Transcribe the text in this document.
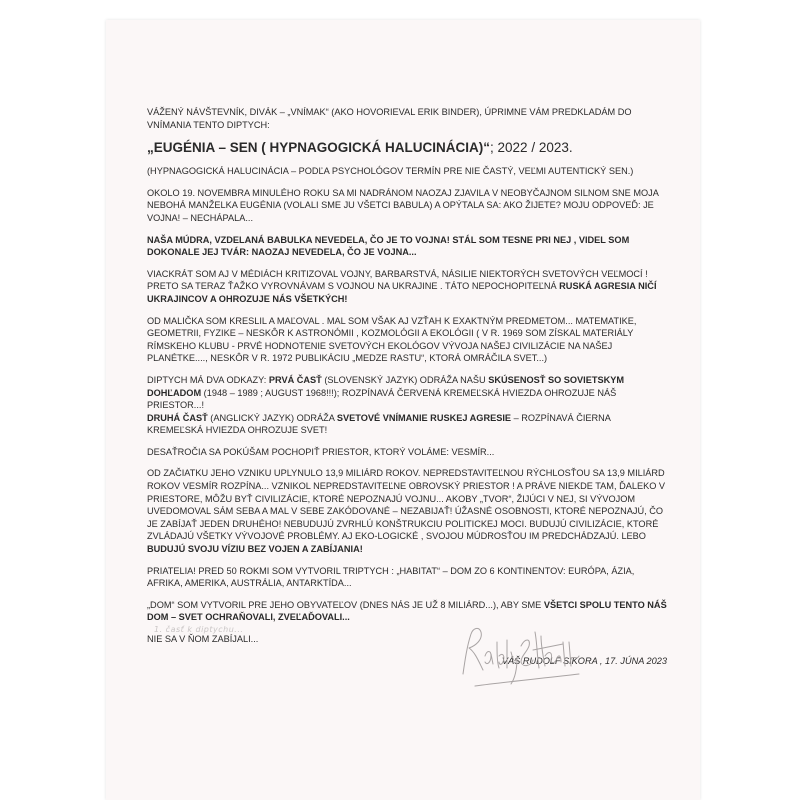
VÁŽENÝ NÁVŠTEVNÍK, DIVÁK – „VNÍMAK“ (AKO HOVORIEVAL ERIK BINDER), ÚPRIMNE VÁM PREDKLADÁM DO VNÍMANIA TENTO DIPTYCH:

„EUGÉNIA – SEN ( HYPNAGOGICKÁ HALUCINÁCIA)“; 2022 / 2023.

(HYPNAGOGICKÁ HALUCINÁCIA – PODĽA PSYCHOLÓGOV TERMÍN PRE NIE ČASTÝ, VEĽMI AUTENTICKÝ SEN.)

OKOLO 19. NOVEMBRA MINULÉHO ROKU SA MI NADRÁNOM NAOZAJ ZJAVILA V NEOBYČAJNOM SILNOM SNE MOJA NEBOHÁ MANŽELKA EUGÉNIA (VOLALI SME JU VŠETCI BABULA) A OPÝTALA SA: AKO ŽIJETE? MOJU ODPOVEĎ: JE VOJNA! – NECHÁPALA...

NAŠA MÚDRA, VZDELANÁ BABULKA NEVEDELA, ČO JE TO VOJNA! STÁL SOM TESNE PRI NEJ , VIDEL SOM DOKONALE JEJ TVÁR: NAOZAJ NEVEDELA, ČO JE VOJNA...

VIACKRÁT SOM AJ V MÉDIÁCH KRITIZOVAL VOJNY, BARBARSTVÁ, NÁSILIE NIEKTORÝCH SVETOVÝCH VEĽMOCÍ ! PRETO SA TERAZ ŤAŽKO VYROVNÁVAM S VOJNOU NA UKRAJINE . TÁTO NEPOCHOPITEĽNÁ RUSKÁ AGRESIA NIČÍ UKRAJINCOV A OHROZUJE NÁS VŠETKÝCH!

OD MALIČKA SOM KRESLIL A MAĽOVAL . MAL SOM VŠAK AJ VZŤAH K EXAKTNÝM PREDMETOM... MATEMATIKE, GEOMETRII, FYZIKE – NESKÔR K ASTRONÓMII , KOZMOLÓGII A EKOLÓGII ( V R. 1969 SOM ZÍSKAL MATERIÁLY RÍMSKEHO KLUBU - PRVÉ HODNOTENIE SVETOVÝCH EKOLÓGOV VÝVOJA NAŠEJ CIVILIZÁCIE NA NAŠEJ PLANÉTKE...., NESKÔR V R. 1972 PUBLIKÁCIU „MEDZE RASTU“, KTORÁ OMRÁČILA SVET...)

DIPTYCH MÁ DVA ODKAZY: PRVÁ ČASŤ (SLOVENSKÝ JAZYK) ODRÁŽA NAŠU SKÚSENOSŤ SO SOVIETSKYM DOHĽADOM (1948 – 1989 ; AUGUST 1968!!!); ROZPÍNAVÁ ČERVENÁ KREMEĽSKÁ HVIEZDA OHROZUJE NÁŠ PRIESTOR...!
DRUHÁ ČASŤ (ANGLICKÝ JAZYK) ODRÁŽA SVETOVÉ VNÍMANIE RUSKEJ AGRESIE – ROZPÍNAVÁ ČIERNA KREMEĽSKÁ HVIEZDA OHROZUJE SVET!

DESAŤROČIA SA POKÚŠAM POCHOPIŤ PRIESTOR, KTORÝ VOLÁME: VESMÍR...

OD ZAČIATKU JEHO VZNIKU UPLYNULO 13,9 MILIÁRD ROKOV. NEPREDSTAVITEĽNOU RÝCHLOSŤOU SA 13,9 MILIÁRD ROKOV VESMÍR ROZPÍNA... VZNIKOL NEPREDSTAVITEĽNE OBROVSKÝ PRIESTOR ! A PRÁVE NIEKDE TAM, ĎALEKO V PRIESTORE, MÔŽU BYŤ CIVILIZÁCIE, KTORÉ NEPOZNAJÚ VOJNU... AKOBY „TVOR“, ŽIJÚCI V NEJ, SI VÝVOJOM UVEDOMOVAL SÁM SEBA A MAL V SEBE ZAKÓDOVANÉ – NEZABIJAŤ! ÚŽASNÉ OSOBNOSTI, KTORÉ NEPOZNAJÚ, ČO JE ZABÍJAŤ JEDEN DRUHÉHO! NEBUDUJÚ ZVRHLÚ KONŠTRUKCIU POLITICKEJ MOCI. BUDUJÚ CIVILIZÁCIE, KTORÉ ZVLÁDAJÚ VŠETKY VÝVOJOVÉ PROBLÉMY. AJ EKO-LOGICKÉ , SVOJOU MÚDROSŤOU IM PREDCHÁDZAJÚ. LEBO BUDUJÚ SVOJU VÍZIU BEZ VOJEN A ZABÍJANIA!

PRIATELIA! PRED 50 ROKMI SOM VYTVORIL TRIPTYCH : „HABITAT“ – DOM ZO 6 KONTINENTOV: EURÓPA, ÁZIA, AFRIKA, AMERIKA, AUSTRÁLIA, ANTARKTÍDA...

„DOM“ SOM VYTVORIL PRE JEHO OBYVATEĽOV (DNES NÁS JE UŽ 8 MILIÁRD...), ABY SME VŠETCI SPOLU TENTO NÁŠ DOM – SVET OCHRAŇOVALI, ZVEĽAĎOVALI...

NIE SA V ŇOM ZABÍJALI...

VÁŠ RUDOLF SIKORA , 17. JÚNA 2023

1. časť k diptychu...
